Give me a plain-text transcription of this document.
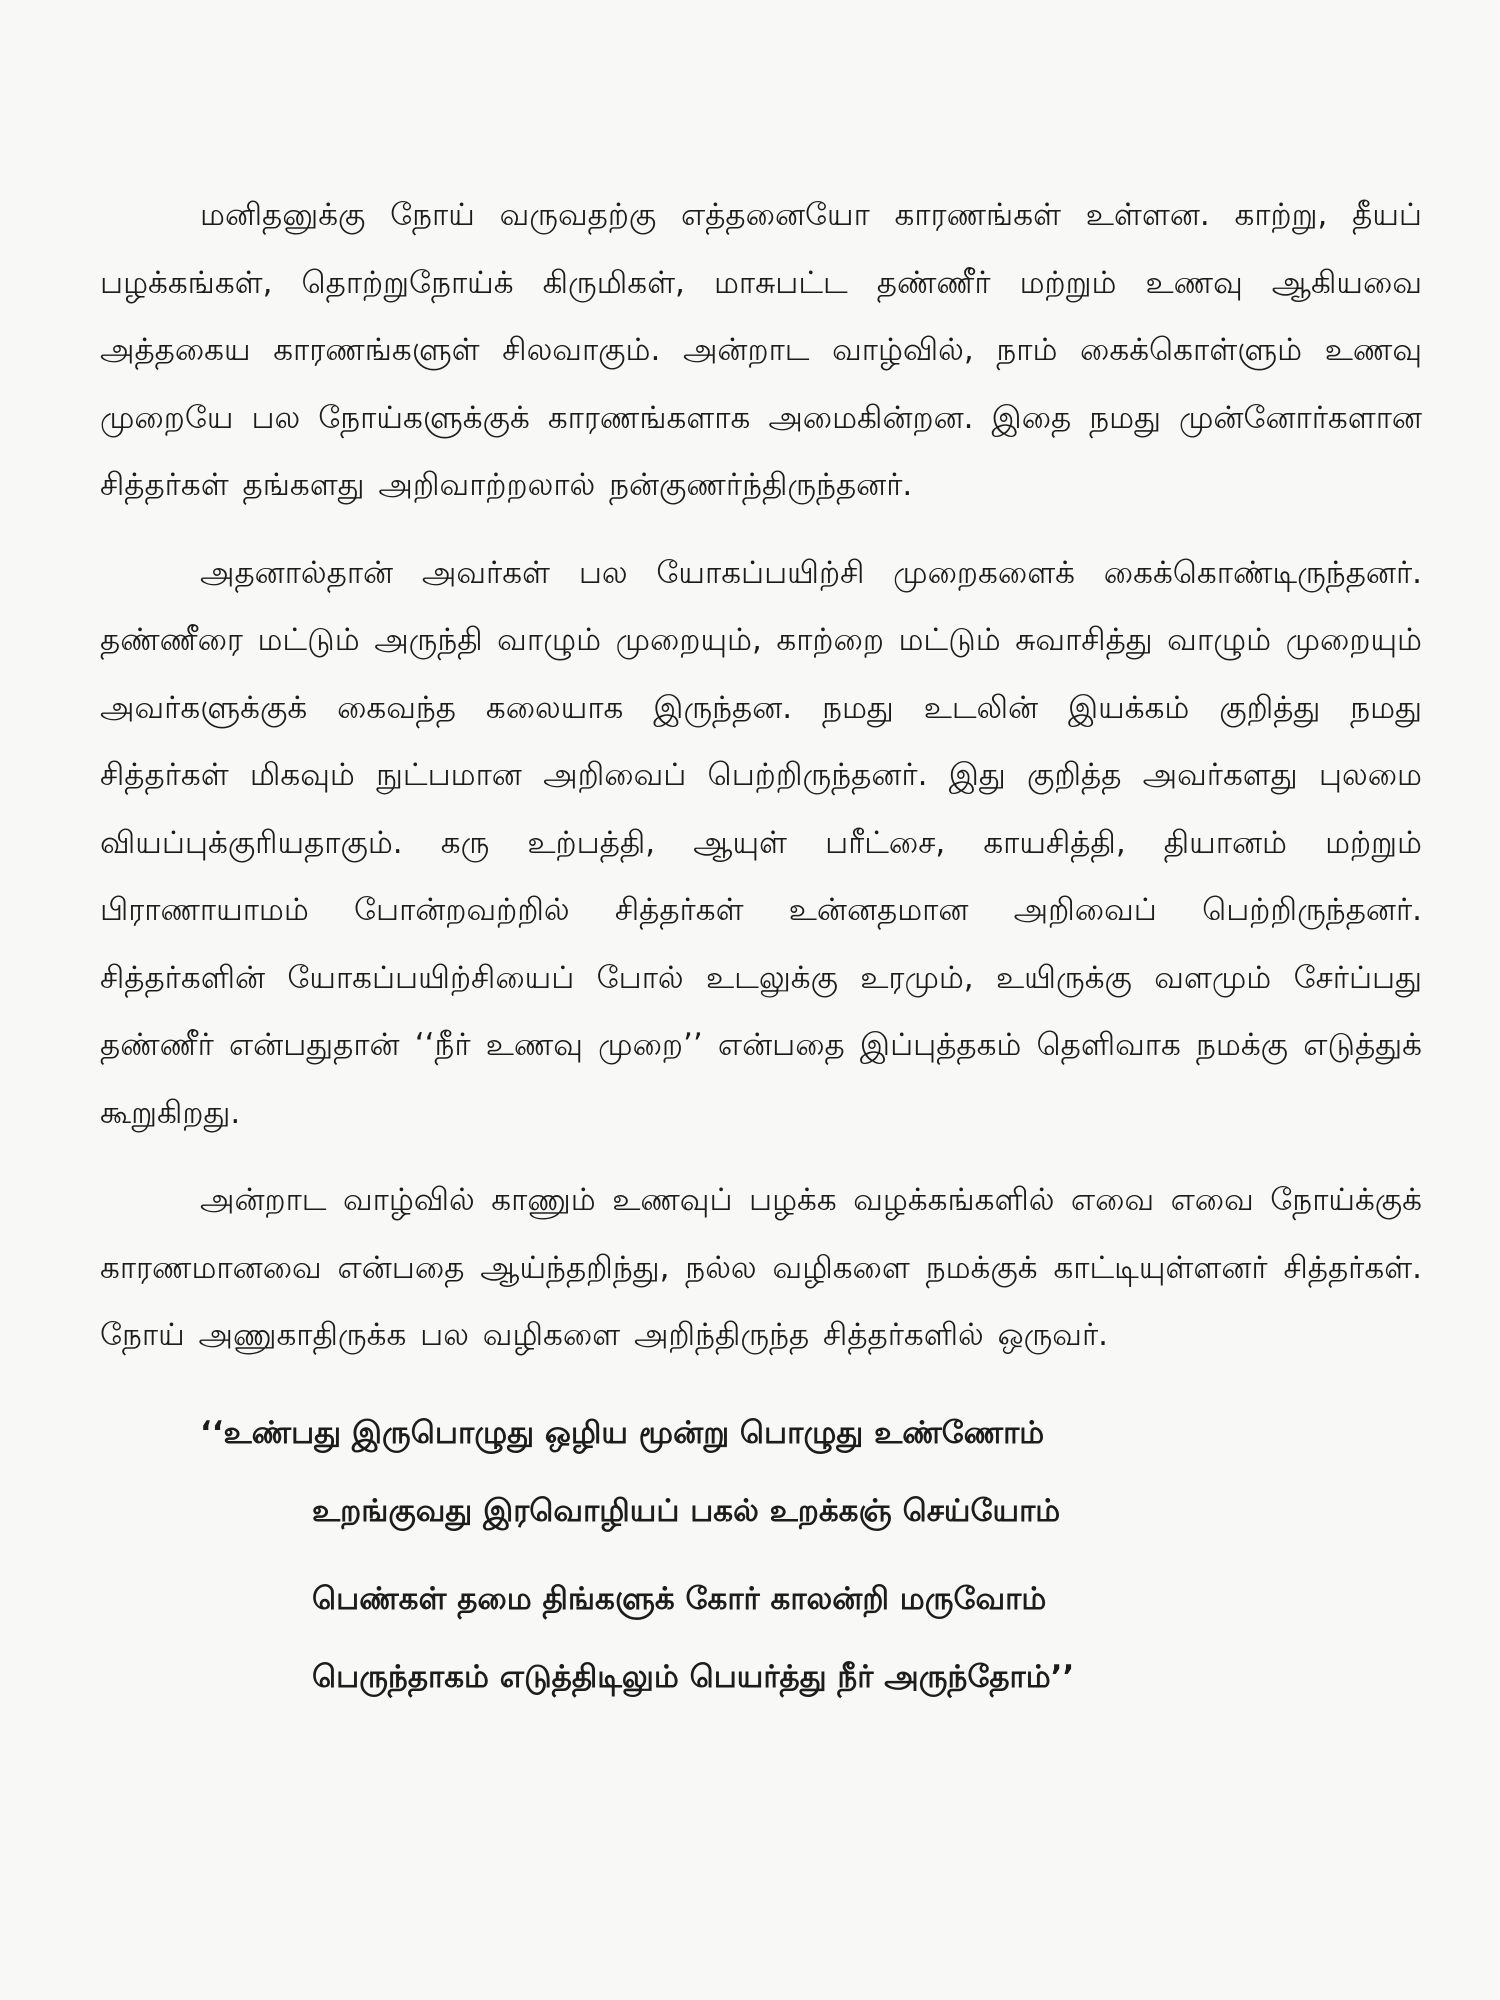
மனிதனுக்கு நோய் வருவதற்கு எத்தனையோ காரணங்கள் உள்ளன. காற்று, தீயப் பழக்கங்கள், தொற்றுநோய்க் கிருமிகள், மாசுபட்ட தண்ணீர் மற்றும் உணவு ஆகியவை அத்தகைய காரணங்களுள் சிலவாகும். அன்றாட வாழ்வில், நாம் கைக்கொள்ளும் உணவு முறையே பல நோய்களுக்குக் காரணங்களாக அமைகின்றன. இதை நமது முன்னோர்களான சித்தர்கள் தங்களது அறிவாற்றலால் நன்குணர்ந்திருந்தனர்.

அதனால்தான் அவர்கள் பல யோகப்பயிற்சி முறைகளைக் கைக்கொண்டிருந்தனர். தண்ணீரை மட்டும் அருந்தி வாழும் முறையும், காற்றை மட்டும் சுவாசித்து வாழும் முறையும் அவர்களுக்குக் கைவந்த கலையாக இருந்தன. நமது உடலின் இயக்கம் குறித்து நமது சித்தர்கள் மிகவும் நுட்பமான அறிவைப் பெற்றிருந்தனர். இது குறித்த அவர்களது புலமை வியப்புக்குரியதாகும். கரு உற்பத்தி, ஆயுள் பரீட்சை, காயசித்தி, தியானம் மற்றும் பிராணாயாமம் போன்றவற்றில் சித்தர்கள் உன்னதமான அறிவைப் பெற்றிருந்தனர். சித்தர்களின் யோகப்பயிற்சியைப் போல் உடலுக்கு உரமும், உயிருக்கு வளமும் சேர்ப்பது தண்ணீர் என்பதுதான் ‘‘நீர் உணவு முறை’’ என்பதை இப்புத்தகம் தெளிவாக நமக்கு எடுத்துக் கூறுகிறது.

அன்றாட வாழ்வில் காணும் உணவுப் பழக்க வழக்கங்களில் எவை எவை நோய்க்குக் காரணமானவை என்பதை ஆய்ந்தறிந்து, நல்ல வழிகளை நமக்குக் காட்டியுள்ளனர் சித்தர்கள். நோய் அணுகாதிருக்க பல வழிகளை அறிந்திருந்த சித்தர்களில் ஒருவர்.

‘‘உண்பது இருபொழுது ஒழிய மூன்று பொழுது உண்ணோம்
உறங்குவது இரவொழியப் பகல் உறக்கஞ் செய்யோம்
பெண்கள் தமை திங்களுக் கோர் காலன்றி மருவோம்
பெருந்தாகம் எடுத்திடிலும் பெயர்த்து நீர் அருந்தோம்’’
